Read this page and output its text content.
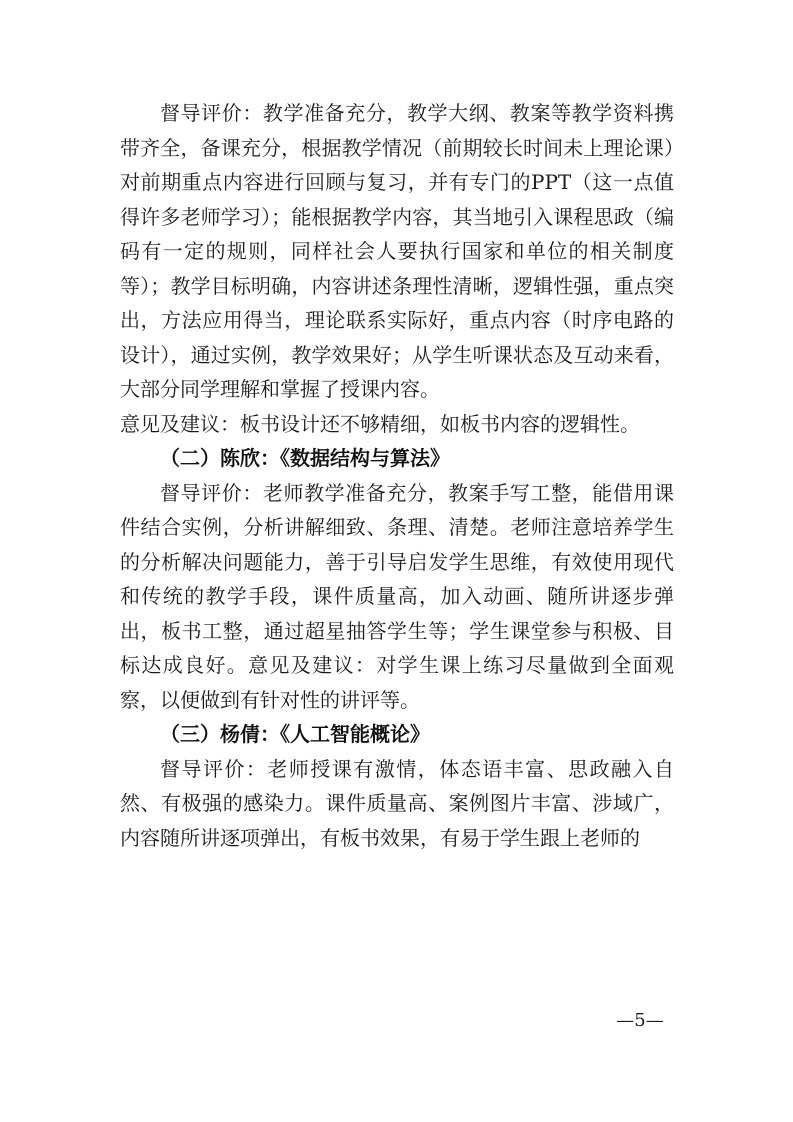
督导评价：教学准备充分，教学大纲、教案等教学资料携带齐全，备课充分，根据教学情况（前期较长时间未上理论课）对前期重点内容进行回顾与复习，并有专门的PPT（这一点值得许多老师学习）；能根据教学内容，其当地引入课程思政（编码有一定的规则，同样社会人要执行国家和单位的相关制度等）；教学目标明确，内容讲述条理性清晰，逻辑性强，重点突出，方法应用得当，理论联系实际好，重点内容（时序电路的设计），通过实例，教学效果好；从学生听课状态及互动来看，大部分同学理解和掌握了授课内容。

意见及建议：板书设计还不够精细，如板书内容的逻辑性。

（二）陈欣：《数据结构与算法》

督导评价：老师教学准备充分，教案手写工整，能借用课件结合实例，分析讲解细致、条理、清楚。老师注意培养学生的分析解决问题能力，善于引导启发学生思维，有效使用现代和传统的教学手段，课件质量高，加入动画、随所讲逐步弹出，板书工整，通过超星抽答学生等；学生课堂参与积极、目标达成良好。意见及建议：对学生课上练习尽量做到全面观察，以便做到有针对性的讲评等。

（三）杨倩：《人工智能概论》

督导评价：老师授课有激情，体态语丰富、思政融入自然、有极强的感染力。课件质量高、案例图片丰富、涉域广，内容随所讲逐项弹出，有板书效果，有易于学生跟上老师的

—5—
